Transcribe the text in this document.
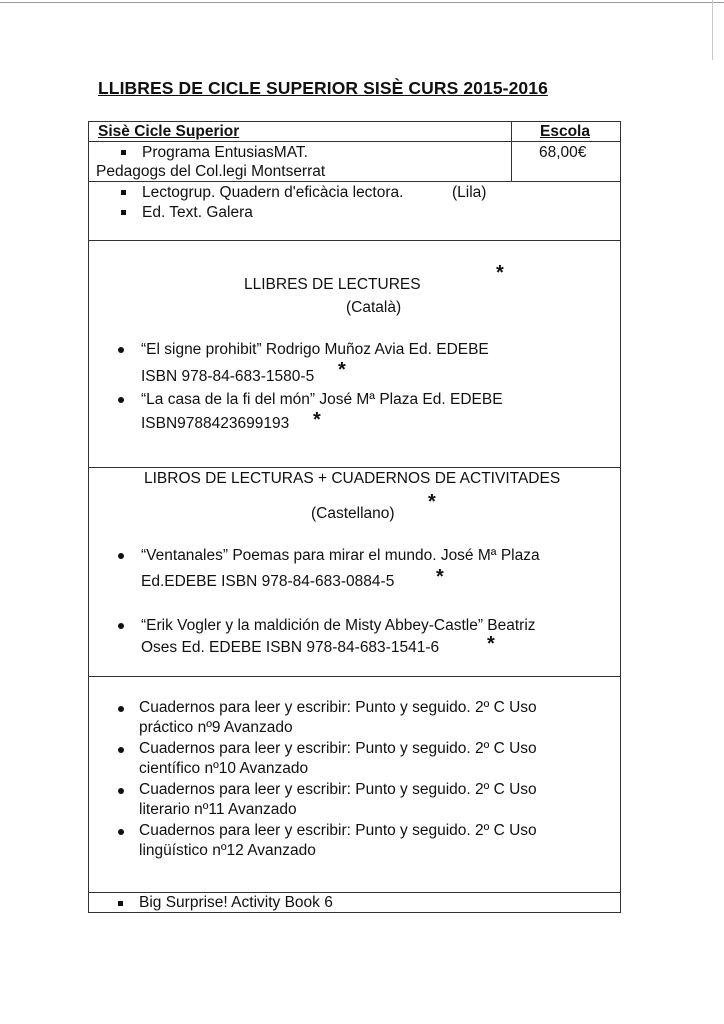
LLIBRES DE CICLE SUPERIOR SISÈ CURS 2015-2016
Sisè Cicle Superior	Escola
Programa EntusiasMAT.
Pedagogs del Col.legi Montserrat
68,00€
Lectogrup. Quadern d'eficàcia lectora.	(Lila)
Ed. Text. Galera
LLIBRES DE LECTURES
*
(Català)
“El signe prohibit” Rodrigo Muñoz Avia Ed. EDEBE
ISBN 978-84-683-1580-5 *
“La casa de la fi del món” José Mª Plaza Ed. EDEBE
ISBN9788423699193 *
LIBROS DE LECTURAS + CUADERNOS DE ACTIVITADES
*
(Castellano)
“Ventanales” Poemas para mirar el mundo. José Mª Plaza
Ed.EDEBE ISBN 978-84-683-0884-5 *
“Erik Vogler y la maldición de Misty Abbey-Castle” Beatriz
Oses Ed. EDEBE ISBN 978-84-683-1541-6 *
Cuadernos para leer y escribir: Punto y seguido. 2º C Uso
práctico nº9 Avanzado
Cuadernos para leer y escribir: Punto y seguido. 2º C Uso
científico nº10 Avanzado
Cuadernos para leer y escribir: Punto y seguido. 2º C Uso
literario nº11 Avanzado
Cuadernos para leer y escribir: Punto y seguido. 2º C Uso
lingüístico nº12 Avanzado
Big Surprise! Activity Book 6
